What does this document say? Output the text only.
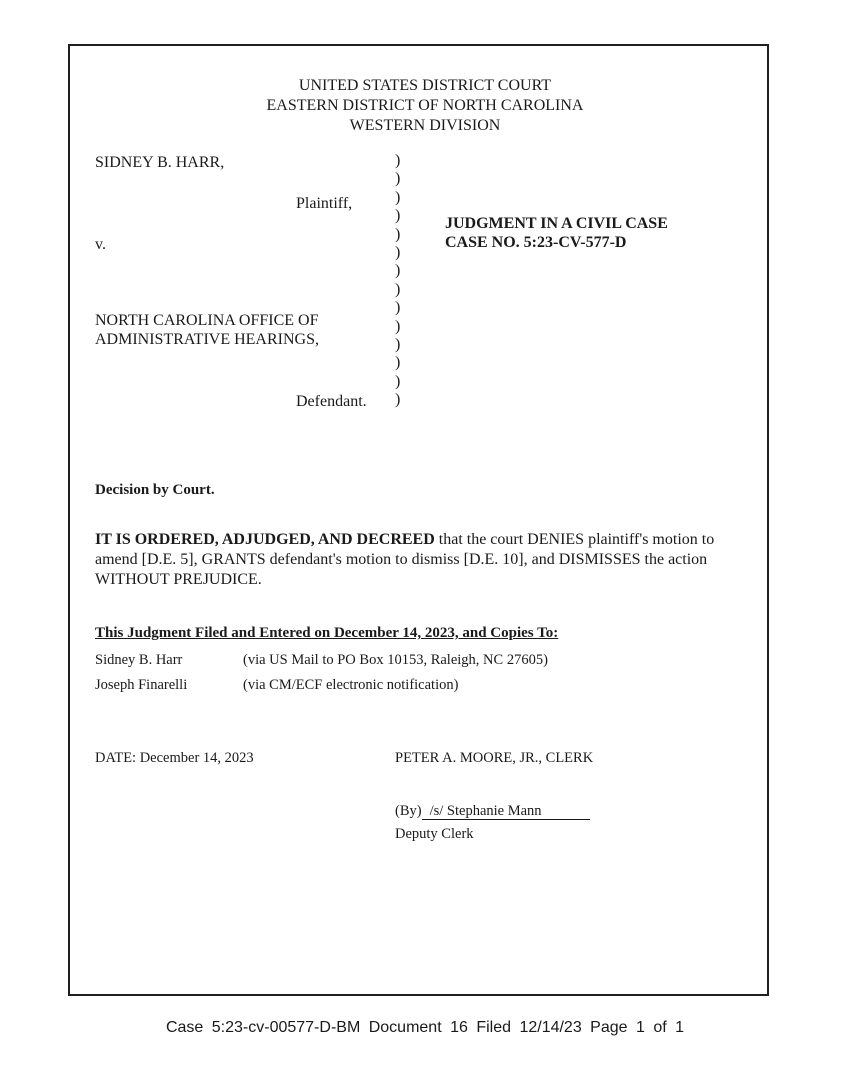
UNITED STATES DISTRICT COURT
EASTERN DISTRICT OF NORTH CAROLINA
WESTERN DIVISION
SIDNEY B. HARR,
Plaintiff,
v.
NORTH CAROLINA OFFICE OF
ADMINISTRATIVE HEARINGS,
Defendant.
)
)
)
)
)
)
)
)
)
)
)
)
)
)
JUDGMENT IN A CIVIL CASE
CASE NO. 5:23-CV-577-D
Decision by Court.
IT IS ORDERED, ADJUDGED, AND DECREED that the court DENIES plaintiff's motion to amend [D.E. 5], GRANTS defendant's motion to dismiss [D.E. 10], and DISMISSES the action WITHOUT PREJUDICE.
This Judgment Filed and Entered on December 14, 2023, and Copies To:
Sidney B. Harr	(via US Mail to PO Box 10153, Raleigh, NC 27605)
Joseph Finarelli	(via CM/ECF electronic notification)
DATE: December 14, 2023	PETER A. MOORE, JR., CLERK
(By) /s/ Stephanie Mann
Deputy Clerk
Case 5:23-cv-00577-D-BM Document 16 Filed 12/14/23 Page 1 of 1
